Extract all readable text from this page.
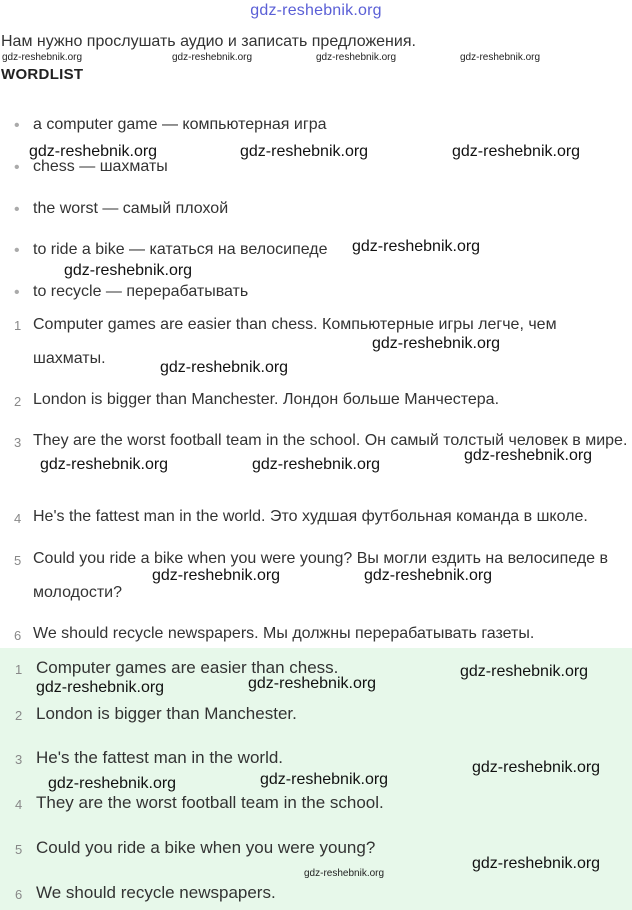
gdz-reshebnik.org
Нам нужно прослушать аудио и записать предложения.
gdz-reshebnik.org	gdz-reshebnik.org	gdz-reshebnik.org	gdz-reshebnik.org
WORDLIST
• a computer game — компьютерная игра
• chess — шахматы
• the worst — самый плохой
• to ride a bike — кататься на велосипеде
• to recycle — перерабатывать
gdz-reshebnik.org	gdz-reshebnik.org	gdz-reshebnik.org
gdz-reshebnik.org
gdz-reshebnik.org
1 Computer games are easier than chess. Компьютерные игры легче, чем шахматы.
2 London is bigger than Manchester. Лондон больше Манчестера.
3 They are the worst football team in the school. Он самый толстый человек в мире.
4 He's the fattest man in the world. Это худшая футбольная команда в школе.
5 Could you ride a bike when you were young? Вы могли ездить на велосипеде в молодости?
6 We should recycle newspapers. Мы должны перерабатывать газеты.
gdz-reshebnik.org
gdz-reshebnik.org
gdz-reshebnik.org	gdz-reshebnik.org
gdz-reshebnik.org
gdz-reshebnik.org	gdz-reshebnik.org
1 Computer games are easier than chess.
2 London is bigger than Manchester.
3 He's the fattest man in the world.
4 They are the worst football team in the school.
5 Could you ride a bike when you were young?
6 We should recycle newspapers.
gdz-reshebnik.org
gdz-reshebnik.org	gdz-reshebnik.org
gdz-reshebnik.org
gdz-reshebnik.org	gdz-reshebnik.org
gdz-reshebnik.org
gdz-reshebnik.org
